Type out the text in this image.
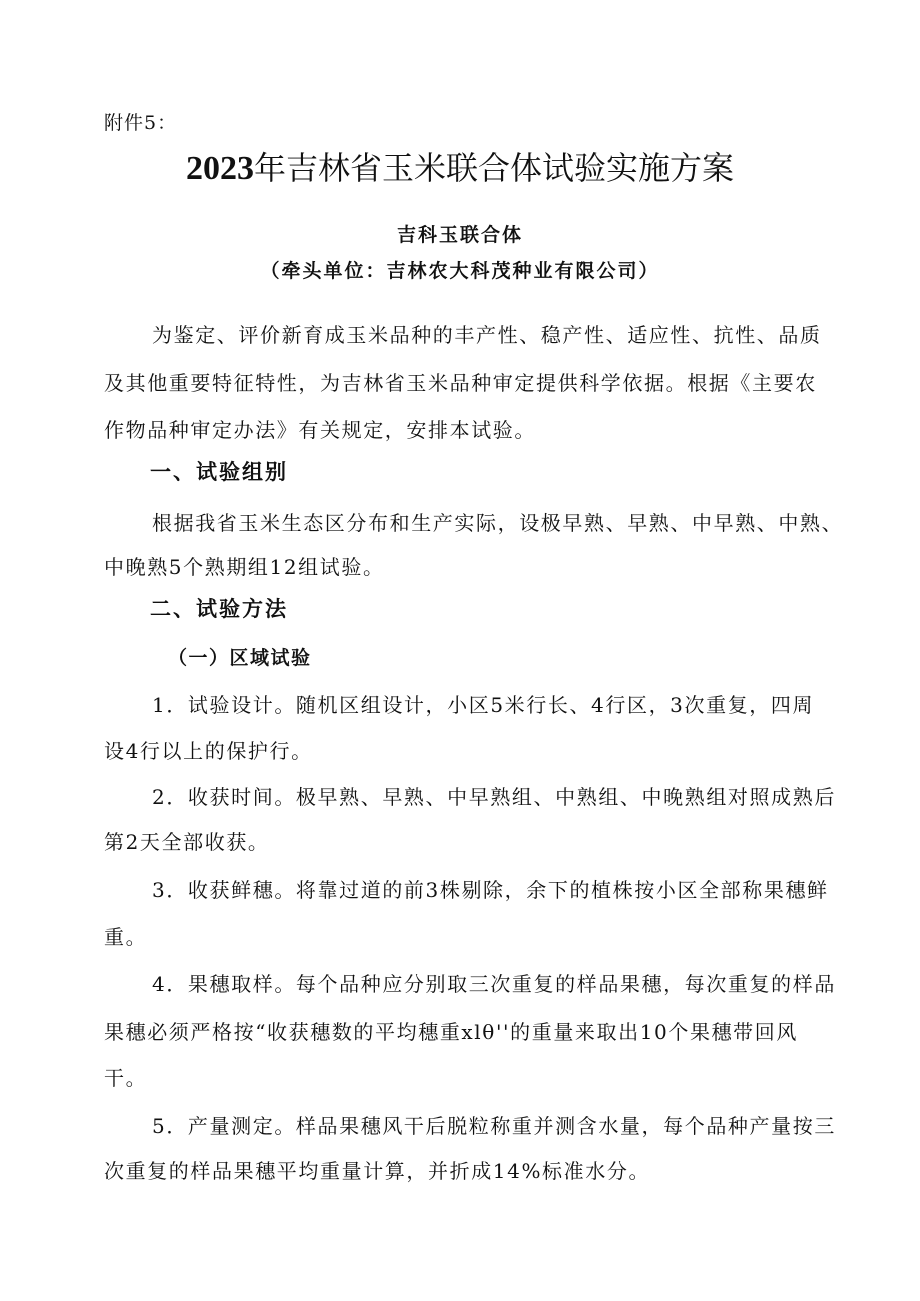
附件5：
2023年吉林省玉米联合体试验实施方案
吉科玉联合体
（牵头单位：吉林农大科茂种业有限公司）
为鉴定、评价新育成玉米品种的丰产性、稳产性、适应性、抗性、品质
及其他重要特征特性，为吉林省玉米品种审定提供科学依据。根据《主要农
作物品种审定办法》有关规定，安排本试验。
一、试验组别
根据我省玉米生态区分布和生产实际，设极早熟、早熟、中早熟、中熟、
中晚熟5个熟期组12组试验。
二、试验方法
（一）区域试验
1．试验设计。随机区组设计，小区5米行长、4行区，3次重复，四周
设4行以上的保护行。
2．收获时间。极早熟、早熟、中早熟组、中熟组、中晚熟组对照成熟后
第2天全部收获。
3．收获鲜穗。将靠过道的前3株剔除，余下的植株按小区全部称果穗鲜
重。
4．果穗取样。每个品种应分别取三次重复的样品果穗，每次重复的样品
果穗必须严格按“收获穗数的平均穗重xlθ''的重量来取出10个果穗带回风
干。
5．产量测定。样品果穗风干后脱粒称重并测含水量，每个品种产量按三
次重复的样品果穗平均重量计算，并折成14%标准水分。
